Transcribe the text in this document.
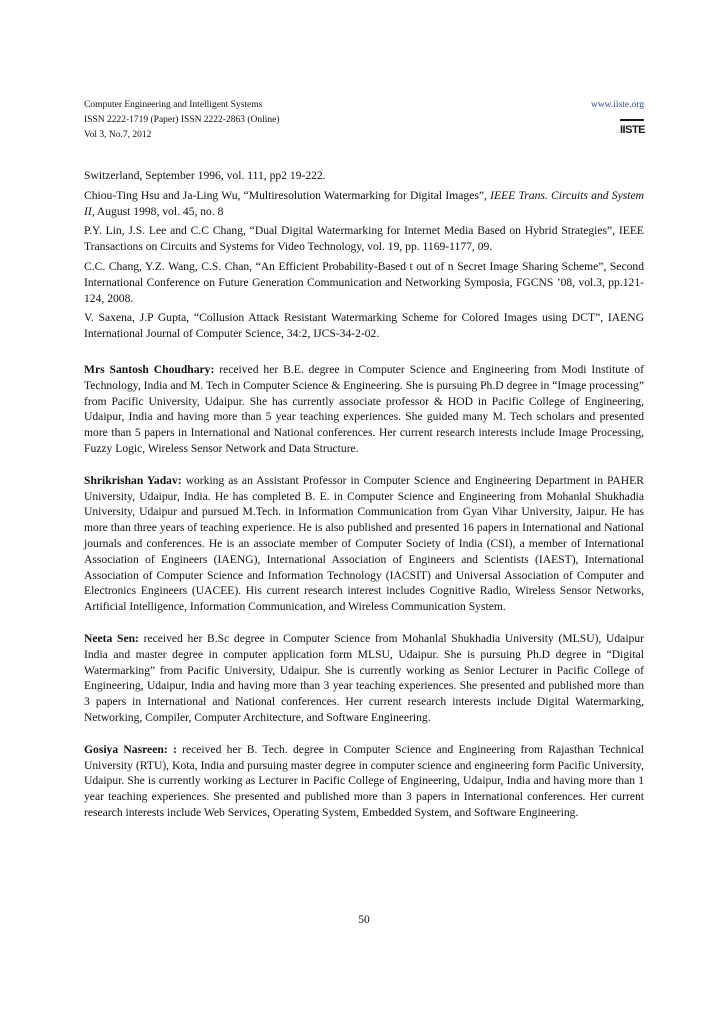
Computer Engineering and Intelligent Systems
ISSN 2222-1719 (Paper) ISSN 2222-2863 (Online)
Vol 3, No.7, 2012
www.iiste.org
IISTE

Switzerland, September 1996, vol. 111, pp2 19-222.

Chiou-Ting Hsu and Ja-Ling Wu, “Multiresolution Watermarking for Digital Images”, IEEE Trans. Circuits and System II, August 1998, vol. 45, no. 8

P.Y. Lin, J.S. Lee and C.C Chang, “Dual Digital Watermarking for Internet Media Based on Hybrid Strategies”, IEEE Transactions on Circuits and Systems for Video Technology, vol. 19, pp. 1169-1177, 09.

C.C. Chang, Y.Z. Wang, C.S. Chan, “An Efficient Probability-Based t out of n Secret Image Sharing Scheme”, Second International Conference on Future Generation Communication and Networking Symposia, FGCNS ’08, vol.3, pp.121-124, 2008.

V. Saxena, J.P Gupta, “Collusion Attack Resistant Watermarking Scheme for Colored Images using DCT”, IAENG International Journal of Computer Science, 34:2, IJCS-34-2-02.

Mrs Santosh Choudhary: received her B.E. degree in Computer Science and Engineering from Modi Institute of Technology, India and M. Tech in Computer Science & Engineering. She is pursuing Ph.D degree in “Image processing” from Pacific University, Udaipur. She has currently associate professor & HOD in Pacific College of Engineering, Udaipur, India and having more than 5 year teaching experiences. She guided many M. Tech scholars and presented more than 5 papers in International and National conferences. Her current research interests include Image Processing, Fuzzy Logic, Wireless Sensor Network and Data Structure.

Shrikrishan Yadav: working as an Assistant Professor in Computer Science and Engineering Department in PAHER University, Udaipur, India. He has completed B. E. in Computer Science and Engineering from Mohanlal Shukhadia University, Udaipur and pursued M.Tech. in Information Communication from Gyan Vihar University, Jaipur. He has more than three years of teaching experience. He is also published and presented 16 papers in International and National journals and conferences. He is an associate member of Computer Society of India (CSI), a member of International Association of Engineers (IAENG), International Association of Engineers and Scientists (IAEST), International Association of Computer Science and Information Technology (IACSIT) and Universal Association of Computer and Electronics Engineers (UACEE). His current research interest includes Cognitive Radio, Wireless Sensor Networks, Artificial Intelligence, Information Communication, and Wireless Communication System.

Neeta Sen: received her B.Sc degree in Computer Science from Mohanlal Shukhadia University (MLSU), Udaipur India and master degree in computer application form MLSU, Udaipur. She is pursuing Ph.D degree in “Digital Watermarking” from Pacific University, Udaipur. She is currently working as Senior Lecturer in Pacific College of Engineering, Udaipur, India and having more than 3 year teaching experiences. She presented and published more than 3 papers in International and National conferences. Her current research interests include Digital Watermarking, Networking, Compiler, Computer Architecture, and Software Engineering.

Gosiya Nasreen: : received her B. Tech. degree in Computer Science and Engineering from Rajasthan Technical University (RTU), Kota, India and pursuing master degree in computer science and engineering form Pacific University, Udaipur. She is currently working as Lecturer in Pacific College of Engineering, Udaipur, India and having more than 1 year teaching experiences. She presented and published more than 3 papers in International conferences. Her current research interests include Web Services, Operating System, Embedded System, and Software Engineering.

50
